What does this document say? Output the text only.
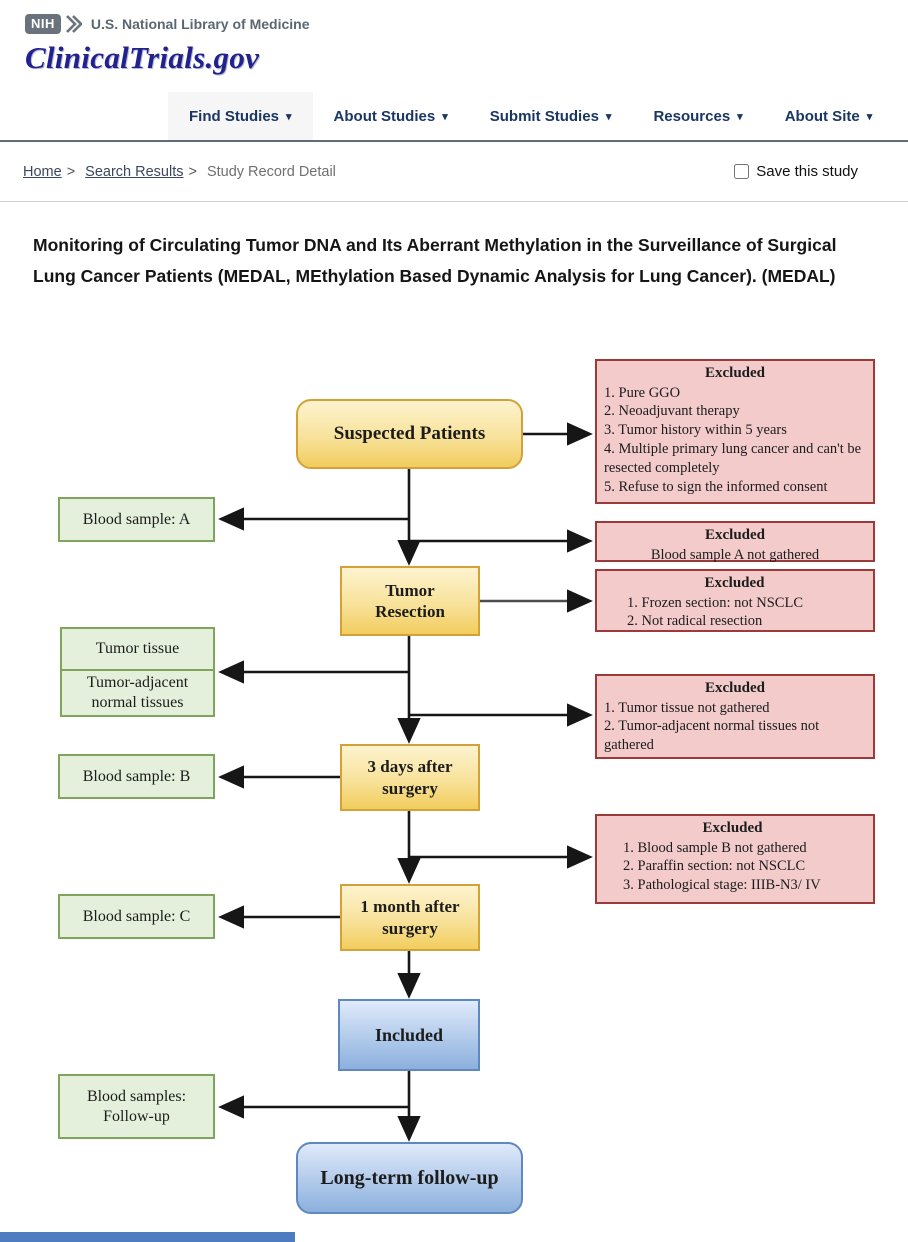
NIH	U.S. National Library of Medicine
ClinicalTrials.gov
Find Studies ▾	About Studies ▾	Submit Studies ▾	Resources ▾	About Site ▾
Home > Search Results > Study Record Detail	Save this study
Monitoring of Circulating Tumor DNA and Its Aberrant Methylation in the Surveillance of Surgical Lung Cancer Patients (MEDAL, MEthylation Based Dynamic Analysis for Lung Cancer). (MEDAL)
Suspected Patients
Tumor
Resection
3 days after
surgery
1 month after
surgery
Included
Long-term follow-up
Blood sample: A
Tumor tissue
Tumor-adjacent
normal tissues
Blood sample: B
Blood sample: C
Blood samples:
Follow-up
Excluded
1. Pure GGO
2. Neoadjuvant therapy
3. Tumor history within 5 years
4. Multiple primary lung cancer and can't be resected completely
5. Refuse to sign the informed consent
Excluded
Blood sample A not gathered
Excluded
1. Frozen section: not NSCLC
2. Not radical resection
Excluded
1. Tumor tissue not gathered
2. Tumor-adjacent normal tissues not gathered
Excluded
1. Blood sample B not gathered
2. Paraffin section: not NSCLC
3. Pathological stage: IIIB-N3/ IV
